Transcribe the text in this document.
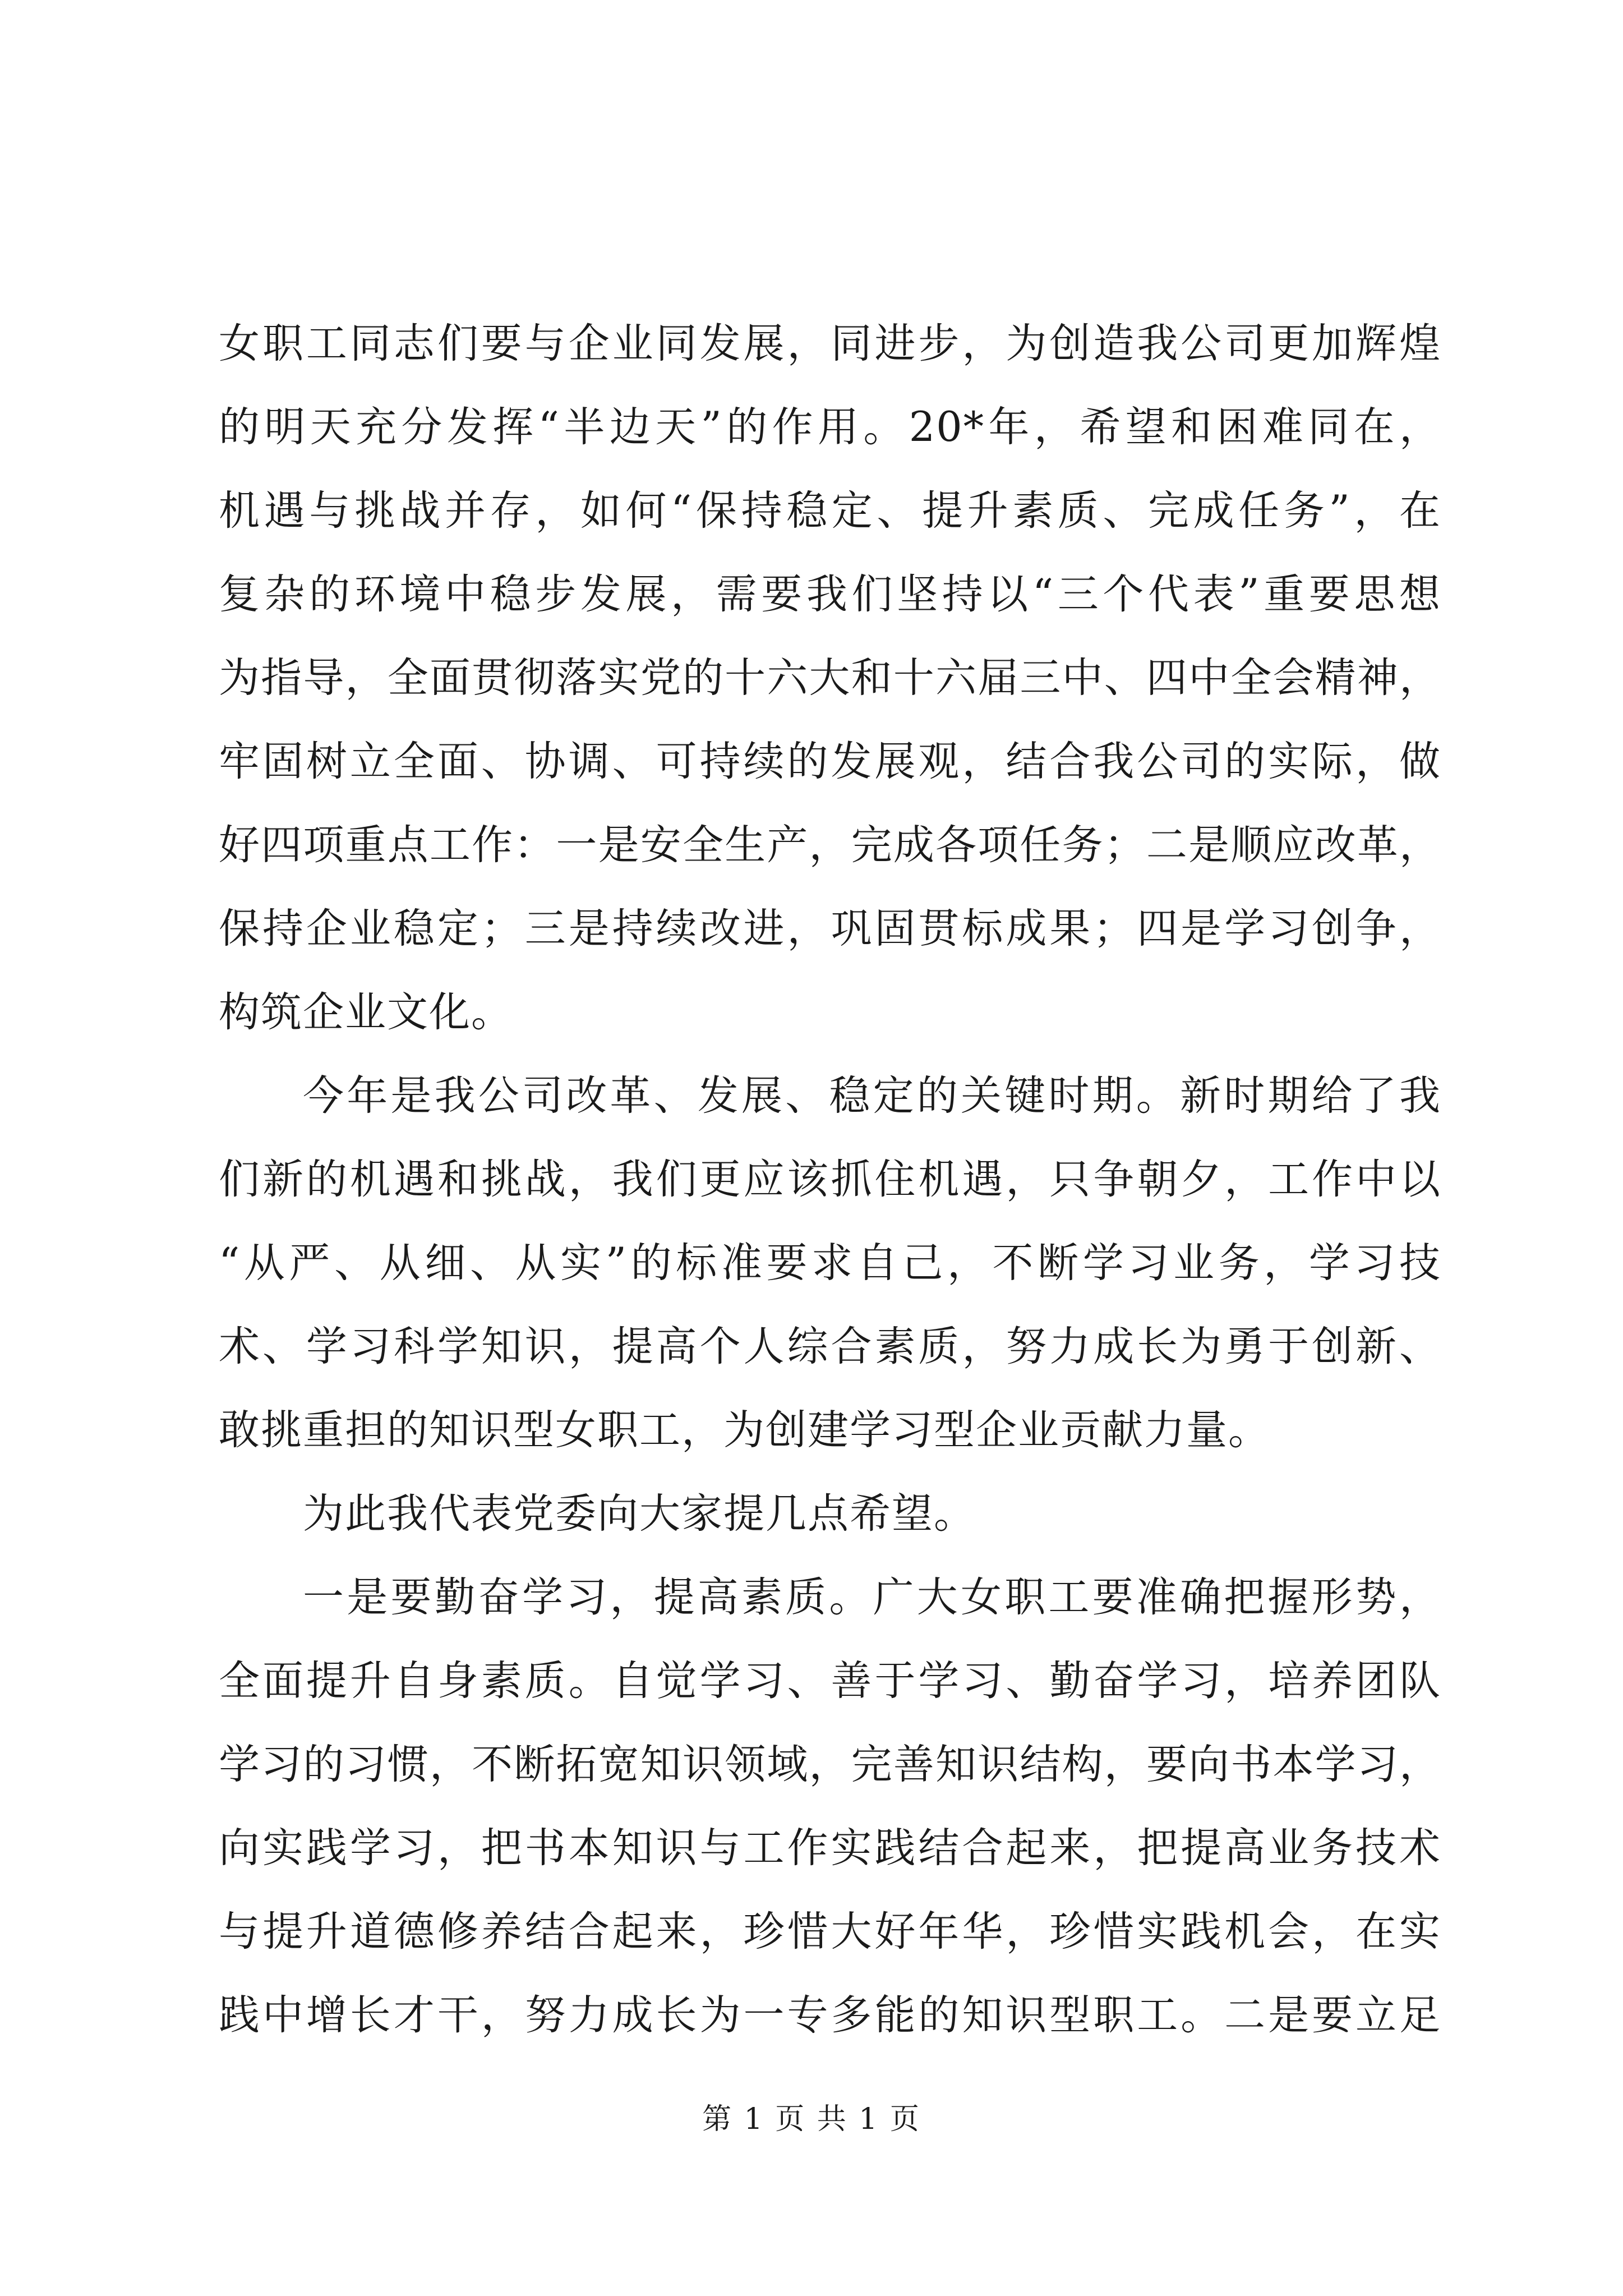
女职工同志们要与企业同发展，同进步，为创造我公司更加辉煌
的明天充分发挥“半边天”的作用。20*年，希望和困难同在，
机遇与挑战并存，如何“保持稳定、提升素质、完成任务”，在
复杂的环境中稳步发展，需要我们坚持以“三个代表”重要思想
为指导，全面贯彻落实党的十六大和十六届三中、四中全会精神，
牢固树立全面、协调、可持续的发展观，结合我公司的实际，做
好四项重点工作：一是安全生产，完成各项任务；二是顺应改革，
保持企业稳定；三是持续改进，巩固贯标成果；四是学习创争，
构筑企业文化。
今年是我公司改革、发展、稳定的关键时期。新时期给了我
们新的机遇和挑战，我们更应该抓住机遇，只争朝夕，工作中以
“从严、从细、从实”的标准要求自己，不断学习业务，学习技
术、学习科学知识，提高个人综合素质，努力成长为勇于创新、
敢挑重担的知识型女职工，为创建学习型企业贡献力量。
为此我代表党委向大家提几点希望。
一是要勤奋学习，提高素质。广大女职工要准确把握形势，
全面提升自身素质。自觉学习、善于学习、勤奋学习，培养团队
学习的习惯，不断拓宽知识领域，完善知识结构，要向书本学习，
向实践学习，把书本知识与工作实践结合起来，把提高业务技术
与提升道德修养结合起来，珍惜大好年华，珍惜实践机会，在实
践中增长才干，努力成长为一专多能的知识型职工。二是要立足
第 1 页 共 1 页
